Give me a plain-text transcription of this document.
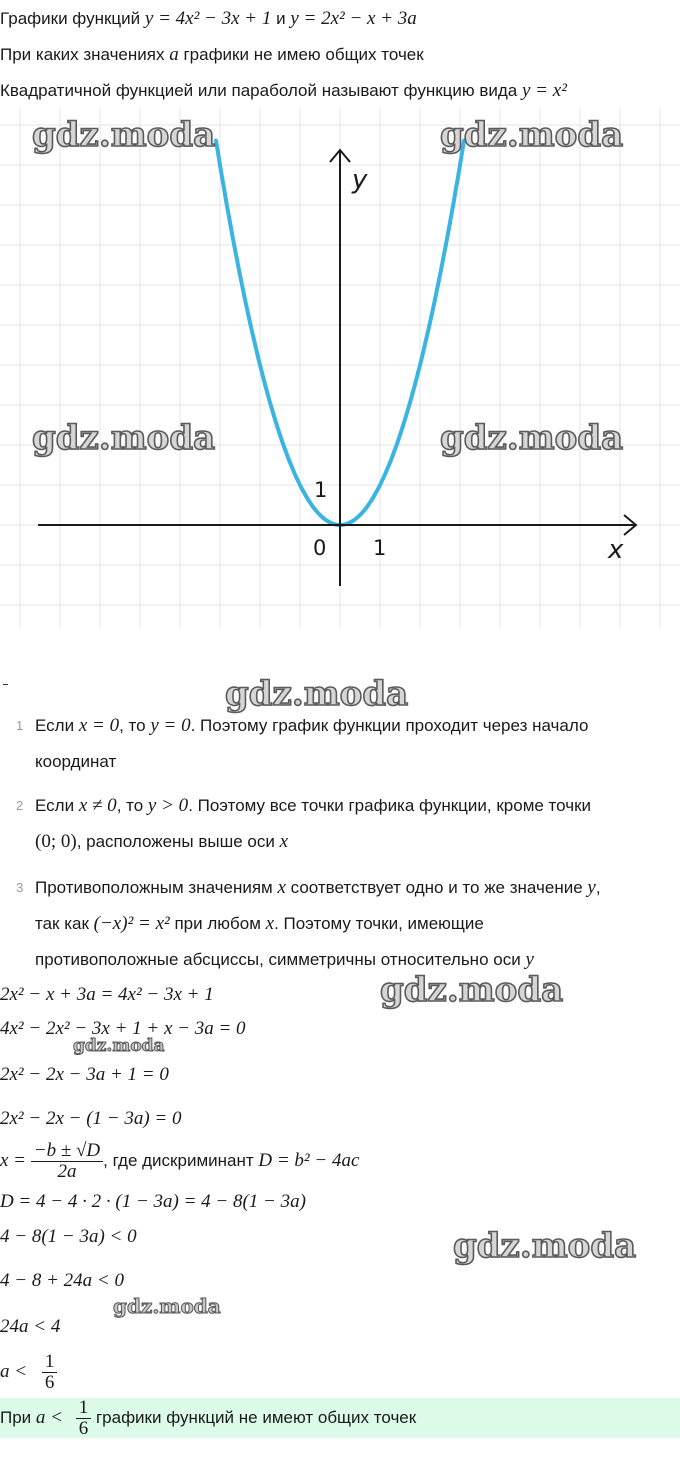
Графики функций y = 4x² − 3x + 1 и y = 2x² − x + 3a
При каких значениях a графики не имею общих точек
Квадратичной функцией или параболой называют функцию вида y = x²
y
x
0 1
1
gdz.moda	gdz.moda
gdz.moda	gdz.moda
gdz.moda
gdz.moda
gdz.moda
gdz.moda
gdz.moda
1 Если x = 0, то y = 0. Поэтому график функции проходит через начало
координат
2 Если x ≠ 0, то y > 0. Поэтому все точки графика функции, кроме точки
(0; 0), расположены выше оси x
3 Противоположным значениям x соответствует одно и то же значение y,
так как (−x)² = x² при любом x. Поэтому точки, имеющие
противоположные абсциссы, симметричны относительно оси y
2x² − x + 3a = 4x² − 3x + 1
4x² − 2x² − 3x + 1 + x − 3a = 0
2x² − 2x − 3a + 1 = 0
2x² − 2x − (1 − 3a) = 0
$x = \frac{-b \pm √D}{2a}$ , где дискриминант D = b² − 4ac
D = 4 − 4 · 2 · (1 − 3a) = 4 − 8(1 − 3a)
4 − 8(1 − 3a) < 0
4 − 8 + 24a < 0
24a < 4
$a < \frac{1}{6}$
При $a < \frac{1}{6}$ графики функций не имеют общих точек
